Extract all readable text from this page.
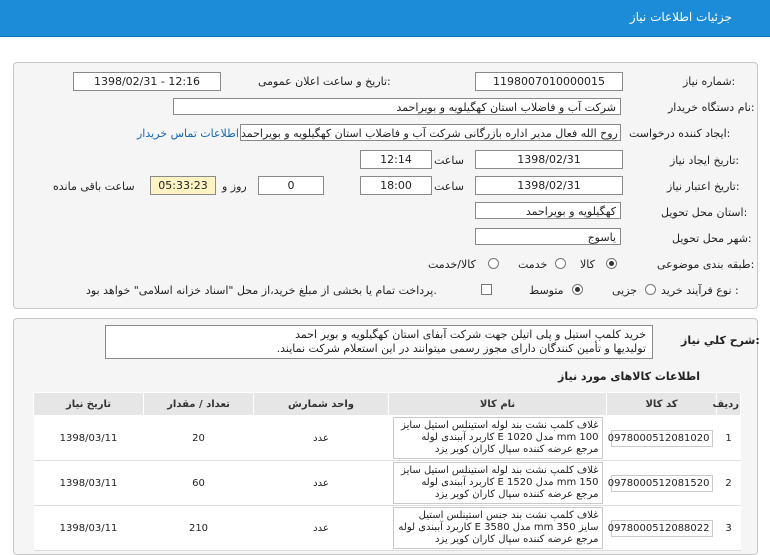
جزئیات اطلاعات نیاز
شماره نیاز:
1198007010000015
تاریخ و ساعت اعلان عمومی:
1398/02/31 - 12:16
نام دستگاه خریدار:
شرکت آب و فاضلاب استان کهگیلویه و بویراحمد
ایجاد کننده درخواست:
روح الله فعال مدیر اداره بازرگانی شرکت آب و فاضلاب استان کهگیلویه و بویراحمد
اطلاعات تماس خریدار
تاریخ ایجاد نیاز:
1398/02/31
ساعت
12:14
تاریخ اعتبار نیاز:
1398/02/31
ساعت
18:00
0
روز و
05:33:23
ساعت باقی مانده
استان محل تحویل:
کهگیلویه و بویراحمد
شهر محل تحویل:
یاسوج
طبقه بندی موضوعی:
کالا
خدمت
کالا/خدمت
نوع فرآیند خرید :
جزیی
متوسط
پرداخت تمام یا بخشی از مبلغ خرید،از محل "اسناد خزانه اسلامی" خواهد بود.
شرح کلي نياز:
خرید کلمپ استیل و پلی اتیلن جهت شرکت آبفای استان کهگیلویه و بویر احمد
تولیدیها و تأمین کنندگان دارای مجوز رسمی میتوانند در این استعلام شرکت نمایند.
اطلاعات کالاهای مورد نیاز
ردیف	کد کالا	نام کالا	واحد شمارش	تعداد / مقدار	تاریخ نیاز
1	0978000512081020	غلاف کلمپ نشت بند لوله استینلس استیل سایز 100 mm مدل E 1020 کاربرد آببندی لوله مرجع عرضه کننده سپال کاران کویر یزد	عدد	20	1398/03/11
2	0978000512081520	غلاف کلمپ نشت بند لوله استینلس استیل سایز 150 mm مدل E 1520 کاربرد آببندی لوله مرجع عرضه کننده سپال کاران کویر یزد	عدد	60	1398/03/11
3	0978000512088022	غلاف کلمپ نشت بند جنس استینلس استیل سایز 350 mm مدل E 3580 کاربرد آببندی لوله مرجع عرضه کننده سپال کاران کویر یزد	عدد	210	1398/03/11
